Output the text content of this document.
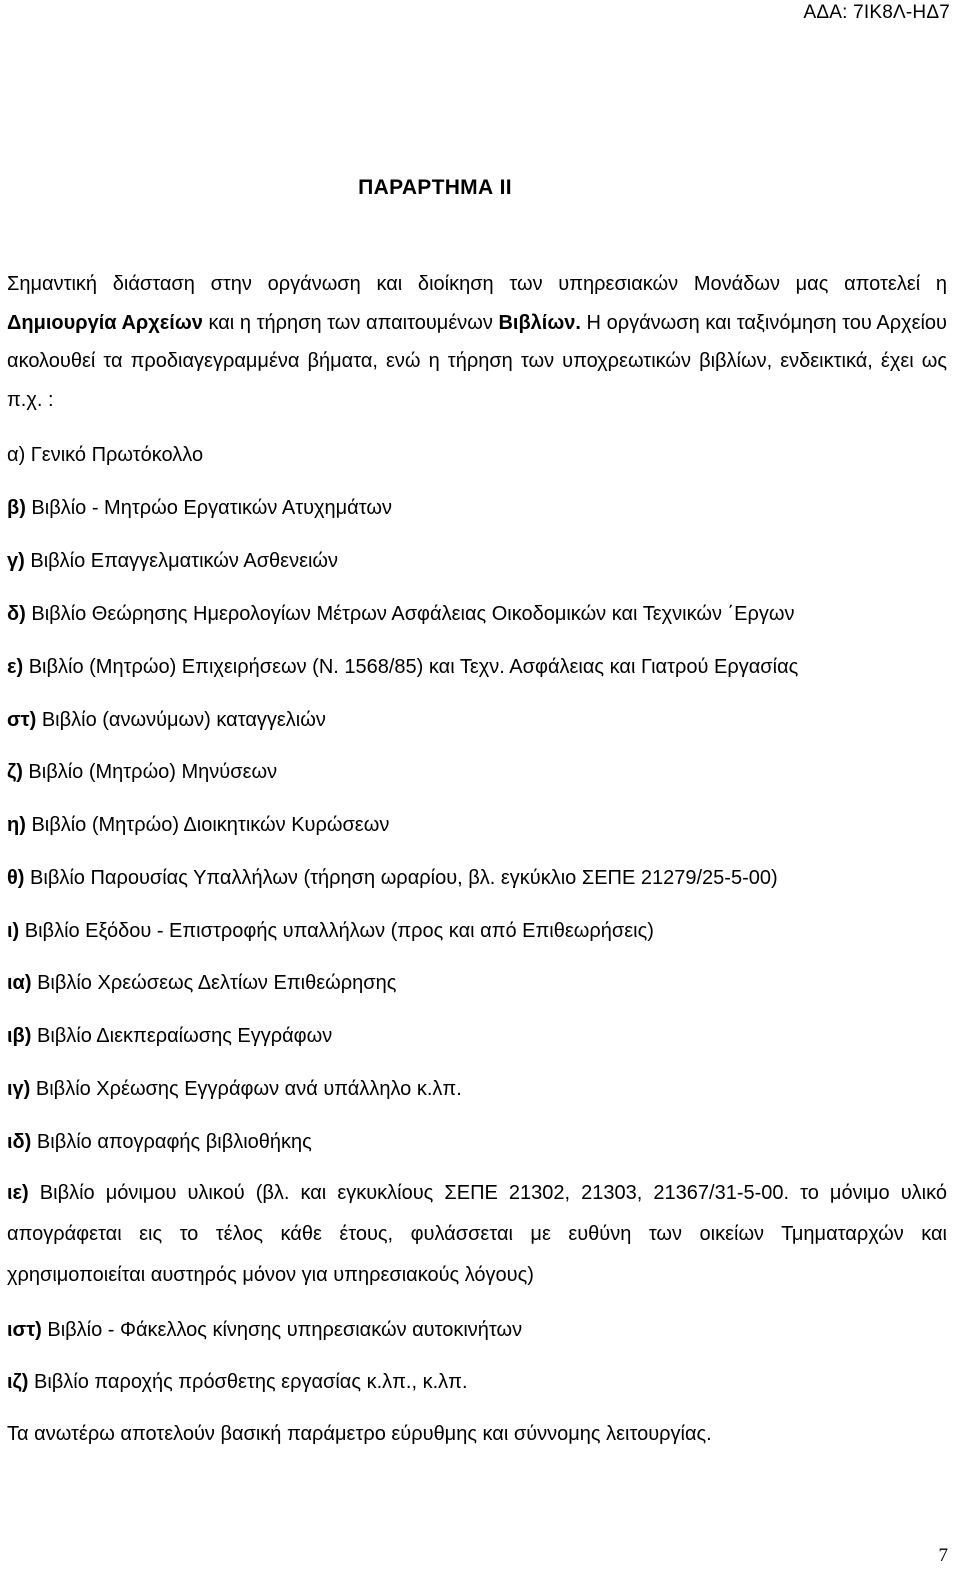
ΑΔΑ: 7ΙΚ8Λ-ΗΔ7
ΠΑΡΑΡΤΗΜΑ ΙΙ

Σημαντική διάσταση στην οργάνωση και διοίκηση των υπηρεσιακών Μονάδων μας αποτελεί η Δημιουργία Αρχείων και η τήρηση των απαιτουμένων Βιβλίων. Η οργάνωση και ταξινόμηση του Αρχείου ακολουθεί τα προδιαγεγραμμένα βήματα, ενώ η τήρηση των υποχρεωτικών βιβλίων, ενδεικτικά, έχει ως π.χ. :

α) Γενικό Πρωτόκολλο
β) Βιβλίο - Μητρώο Εργατικών Ατυχημάτων
γ) Βιβλίο Επαγγελματικών Ασθενειών
δ) Βιβλίο Θεώρησης Ημερολογίων Μέτρων Ασφάλειας Οικοδομικών και Τεχνικών ΄Εργων
ε) Βιβλίο (Μητρώο) Επιχειρήσεων (Ν. 1568/85) και Τεχν. Ασφάλειας και Γιατρού Εργασίας
στ) Βιβλίο (ανωνύμων) καταγγελιών
ζ) Βιβλίο (Μητρώο) Μηνύσεων
η) Βιβλίο (Μητρώο) Διοικητικών Κυρώσεων
θ) Βιβλίο Παρουσίας Υπαλλήλων (τήρηση ωραρίου, βλ. εγκύκλιο ΣΕΠΕ 21279/25-5-00)
ι) Βιβλίο Εξόδου - Επιστροφής υπαλλήλων (προς και από Επιθεωρήσεις)
ια) Βιβλίο Χρεώσεως Δελτίων Επιθεώρησης
ιβ) Βιβλίο Διεκπεραίωσης Εγγράφων
ιγ) Βιβλίο Χρέωσης Εγγράφων ανά υπάλληλο κ.λπ.
ιδ) Βιβλίο απογραφής βιβλιοθήκης
ιε) Βιβλίο μόνιμου υλικού (βλ. και εγκυκλίους ΣΕΠΕ 21302, 21303, 21367/31-5-00. το μόνιμο υλικό απογράφεται εις το τέλος κάθε έτους, φυλάσσεται με ευθύνη των οικείων Τμηματαρχών και χρησιμοποιείται αυστηρός μόνον για υπηρεσιακούς λόγους)
ιστ) Βιβλίο - Φάκελλος κίνησης υπηρεσιακών αυτοκινήτων
ιζ) Βιβλίο παροχής πρόσθετης εργασίας κ.λπ., κ.λπ.
Τα ανωτέρω αποτελούν βασική παράμετρο εύρυθμης και σύννομης λειτουργίας.
7
